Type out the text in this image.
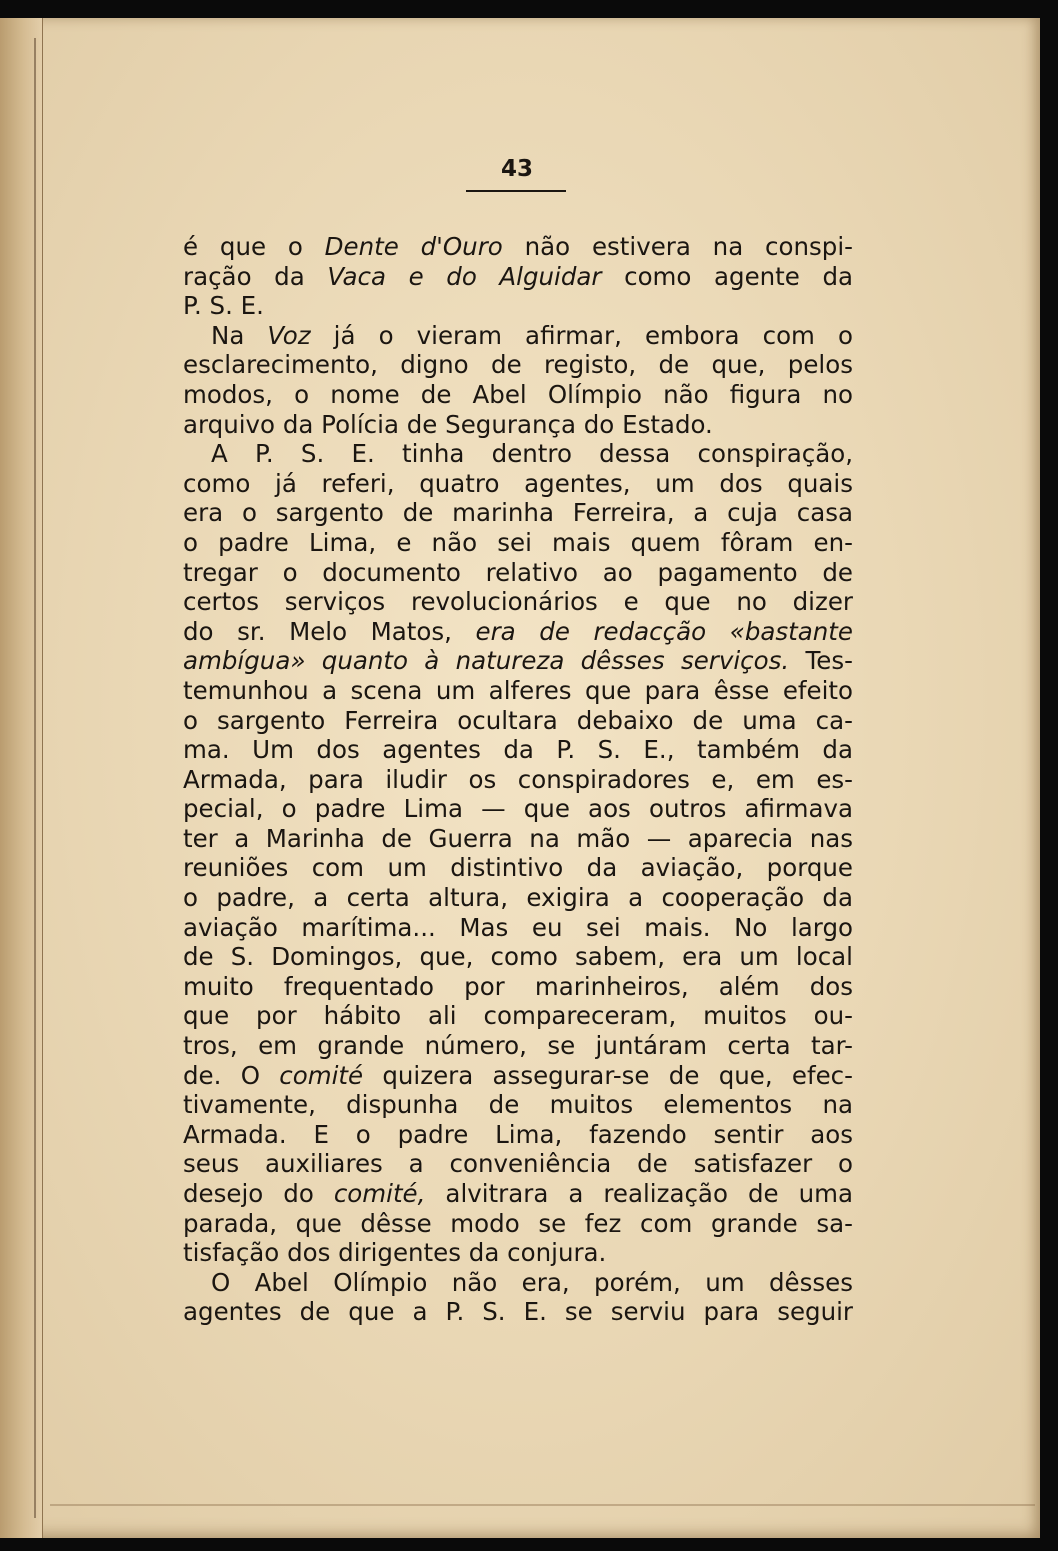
43
é que o Dente d'Ouro não estivera na conspi-
ração da Vaca e do Alguidar como agente da
P. S. E.
Na Voz já o vieram afirmar, embora com o
esclarecimento, digno de registo, de que, pelos
modos, o nome de Abel Olímpio não figura no
arquivo da Polícia de Segurança do Estado.
A P. S. E. tinha dentro dessa conspiração,
como já referi, quatro agentes, um dos quais
era o sargento de marinha Ferreira, a cuja casa
o padre Lima, e não sei mais quem fôram en-
tregar o documento relativo ao pagamento de
certos serviços revolucionários e que no dizer
do sr. Melo Matos, era de redacção «bastante
ambígua» quanto à natureza dêsses serviços. Tes-
temunhou a scena um alferes que para êsse efeito
o sargento Ferreira ocultara debaixo de uma ca-
ma. Um dos agentes da P. S. E., também da
Armada, para iludir os conspiradores e, em es-
pecial, o padre Lima — que aos outros afirmava
ter a Marinha de Guerra na mão — aparecia nas
reuniões com um distintivo da aviação, porque
o padre, a certa altura, exigira a cooperação da
aviação marítima... Mas eu sei mais. No largo
de S. Domingos, que, como sabem, era um local
muito frequentado por marinheiros, além dos
que por hábito ali compareceram, muitos ou-
tros, em grande número, se juntáram certa tar-
de. O comité quizera assegurar-se de que, efec-
tivamente, dispunha de muitos elementos na
Armada. E o padre Lima, fazendo sentir aos
seus auxiliares a conveniência de satisfazer o
desejo do comité, alvitrara a realização de uma
parada, que dêsse modo se fez com grande sa-
tisfação dos dirigentes da conjura.
O Abel Olímpio não era, porém, um dêsses
agentes de que a P. S. E. se serviu para seguir
